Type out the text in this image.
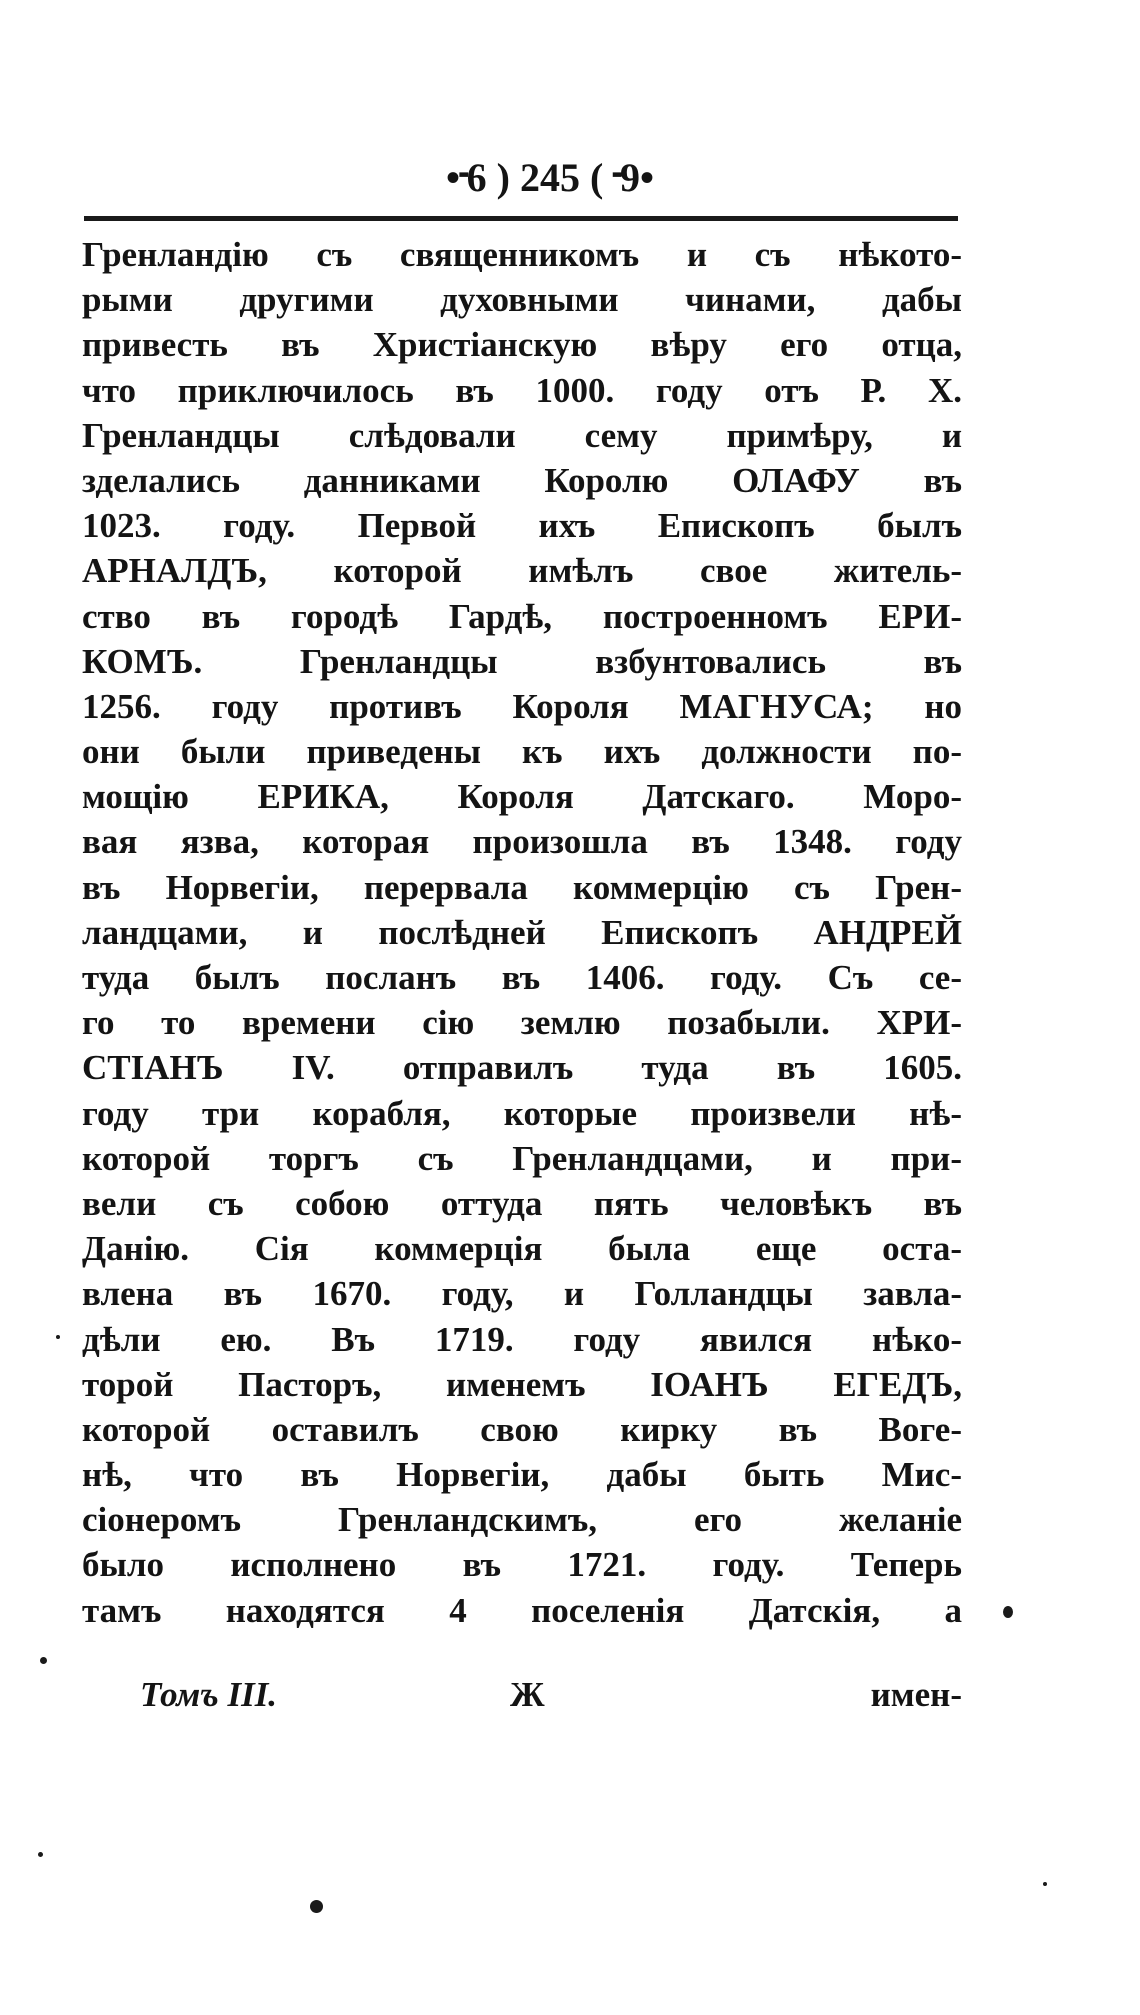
•᠊6 ) 245 ( ᠊9•
Гренландію съ священникомъ и съ нѣкото-
рыми другими духовными чинами, дабы
привесть въ Христіанскую вѣру его отца,
что приключилось въ 1000. году отъ Р. Х.
Гренландцы слѣдовали сему примѣру, и
зделались данниками Королю ОЛАФУ въ
1023. году. Первой ихъ Епископъ былъ
АРНАЛДЪ, которой имѣлъ свое житель-
ство въ городѣ Гардѣ, построенномъ ЕРИ-
КОМЪ. Гренландцы взбунтовались въ
1256. году противъ Короля МАГНУСА; но
они были приведены къ ихъ должности по-
мощію ЕРИКА, Короля Датскаго. Моро-
вая язва, которая произошла въ 1348. году
въ Норвегіи, перервала коммерцію съ Грен-
ландцами, и послѣдней Епископъ АНДРЕЙ
туда былъ посланъ въ 1406. году. Съ се-
го то времени сію землю позабыли. ХРИ-
СТІАНЪ IV. отправилъ туда въ 1605.
году три корабля, которые произвели нѣ-
которой торгъ съ Гренландцами, и при-
вели съ собою оттуда пять человѣкъ въ
Данію. Сія коммерція была еще оста-
влена въ 1670. году, и Голландцы завла-
дѣли ею. Въ 1719. году явился нѣко-
торой Пасторъ, именемъ ІОАНЪ ЕГЕДЪ,
которой оставилъ свою кирку въ Воге-
нѣ, что въ Норвегіи, дабы быть Мис-
сіонеромъ Гренландскимъ, его желаніе
было исполнено въ 1721. году. Теперь
тамъ находятся 4 поселенія Датскія, а
Томъ III.	Ж	имен-
